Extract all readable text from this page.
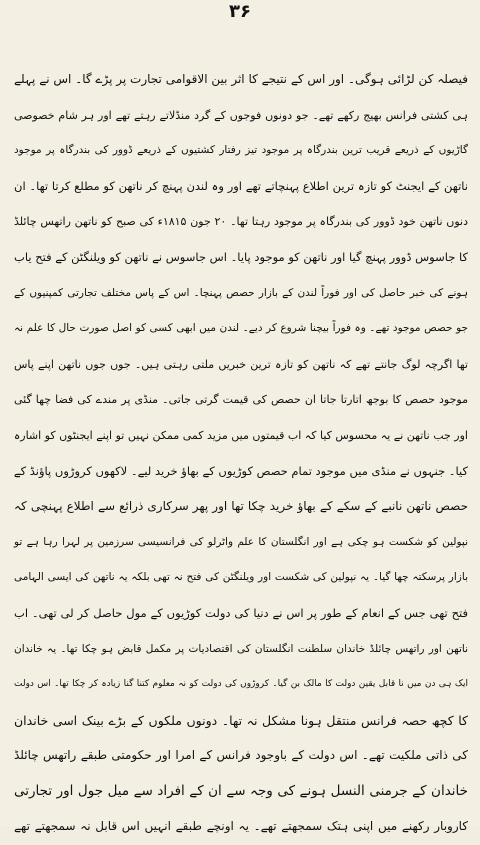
۳۶
فیصلہ کن لڑائی ہوگی۔ اور اس کے نتیجے کا اثر بین الاقوامی تجارت پر پڑے گا۔ اس نے پہلے
ہی کشتی فرانس بھیج رکھے تھے۔ جو دونوں فوجوں کے گرد منڈلاتے رہتے تھے اور ہر شام خصوصی
گاڑیوں کے ذریعے قریب ترین بندرگاہ پر موجود تیز رفتار کشتیوں کے ذریعے ڈوور کی بندرگاہ پر موجود
ناتھن کے ایجنٹ کو تازہ ترین اطلاع پہنچاتے تھے اور وہ لندن پہنچ کر ناتھن کو مطلع کرتا تھا۔ ان
دنوں ناتھن خود ڈوور کی بندرگاہ پر موجود رہتا تھا۔ ۲۰ جون ۱۸۱۵ء کی صبح کو ناتھن راتھس چائلڈ
کا جاسوس ڈوور پہنچ گیا اور ناتھن کو موجود پایا۔ اس جاسوس نے ناتھن کو ویلنگٹن کے فتح یاب
ہونے کی خبر حاصل کی اور فوراً لندن کے بازار حصص پہنچا۔ اس کے پاس مختلف تجارتی کمپنیوں کے
جو حصص موجود تھے۔ وہ فوراً بیچنا شروع کر دیے۔ لندن میں ابھی کسی کو اصل صورت حال کا علم نہ
تھا اگرچہ لوگ جانتے تھے کہ ناتھن کو تازہ ترین خبریں ملتی رہتی ہیں۔ جوں جوں ناتھن اپنے پاس
موجود حصص کا بوجھ اتارتا جاتا ان حصص کی قیمت گرتی جاتی۔ منڈی پر مندے کی فضا چھا گئی
اور جب ناتھن نے یہ محسوس کیا کہ اب قیمتوں میں مزید کمی ممکن نہیں تو اپنے ایجنٹوں کو اشارہ
کیا۔ جنہوں نے منڈی میں موجود تمام حصص کوڑیوں کے بھاؤ خرید لیے۔ لاکھوں کروڑوں پاؤنڈ کے
حصص ناتھن نانبے کے سکے کے بھاؤ خرید چکا تھا اور پھر سرکاری ذرائع سے اطلاع پہنچی کہ
نپولین کو شکست ہو چکی ہے اور انگلستان کا علم واٹرلو کی فرانسیسی سرزمین پر لہرا رہا ہے تو
بازار پرسکتہ چھا گیا۔ یہ نپولین کی شکست اور ویلنگٹن کی فتح نہ تھی بلکہ یہ ناتھن کی ایسی الہامی
فتح تھی جس کے انعام کے طور پر اس نے دنیا کی دولت کوڑیوں کے مول حاصل کر لی تھی۔ اب
ناتھن اور راتھس چائلڈ خاندان سلطنت انگلستان کی اقتصادیات پر مکمل قابض ہو چکا تھا۔ یہ خاندان
ایک ہی دن میں نا قابل یقین دولت کا مالک بن گیا۔ کروڑوں کی دولت کو نہ معلوم کتنا گنا زیادہ کر چکا تھا۔ اس دولت
کا کچھ حصہ فرانس منتقل ہونا مشکل نہ تھا۔ دونوں ملکوں کے بڑے بینک اسی خاندان
کی ذاتی ملکیت تھے۔ اس دولت کے باوجود فرانس کے امرا اور حکومتی طبقے راتھس چائلڈ
خاندان کے جرمنی النسل ہونے کی وجہ سے ان کے افراد سے میل جول اور تجارتی
کاروبار رکھنے میں اپنی ہتک سمجھتے تھے۔ یہ اونچے طبقے انہیں اس قابل نہ سمجھتے تھے
